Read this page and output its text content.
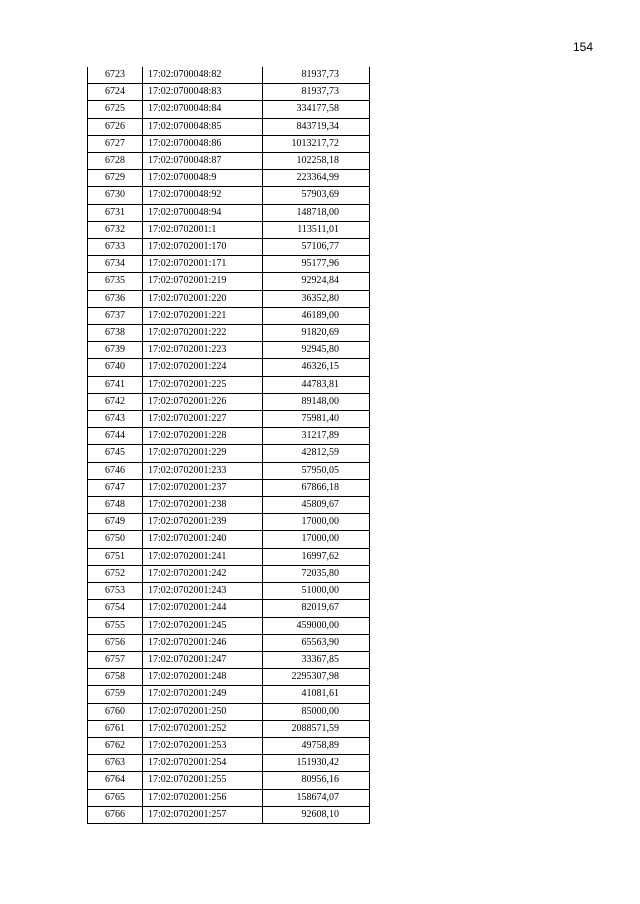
154
6723	17:02:0700048:82	81937,73
6724	17:02:0700048:83	81937,73
6725	17:02:0700048:84	334177,58
6726	17:02:0700048:85	843719,34
6727	17:02:0700048:86	1013217,72
6728	17:02:0700048:87	102258,18
6729	17:02:0700048:9	223364,99
6730	17:02:0700048:92	57903,69
6731	17:02:0700048:94	148718,00
6732	17:02:0702001:1	113511,01
6733	17:02:0702001:170	57106,77
6734	17:02:0702001:171	95177,96
6735	17:02:0702001:219	92924,84
6736	17:02:0702001:220	36352,80
6737	17:02:0702001:221	46189,00
6738	17:02:0702001:222	91820,69
6739	17:02:0702001:223	92945,80
6740	17:02:0702001:224	46326,15
6741	17:02:0702001:225	44783,81
6742	17:02:0702001:226	89148,00
6743	17:02:0702001:227	75981,40
6744	17:02:0702001:228	31217,89
6745	17:02:0702001:229	42812,59
6746	17:02:0702001:233	57950,05
6747	17:02:0702001:237	67866,18
6748	17:02:0702001:238	45809,67
6749	17:02:0702001:239	17000,00
6750	17:02:0702001:240	17000,00
6751	17:02:0702001:241	16997,62
6752	17:02:0702001:242	72035,80
6753	17:02:0702001:243	51000,00
6754	17:02:0702001:244	82019,67
6755	17:02:0702001:245	459000,00
6756	17:02:0702001:246	65563,90
6757	17:02:0702001:247	33367,85
6758	17:02:0702001:248	2295307,98
6759	17:02:0702001:249	41081,61
6760	17:02:0702001:250	85000,00
6761	17:02:0702001:252	2088571,59
6762	17:02:0702001:253	49758,89
6763	17:02:0702001:254	151930,42
6764	17:02:0702001:255	80956,16
6765	17:02:0702001:256	158674,07
6766	17:02:0702001:257	92608,10
